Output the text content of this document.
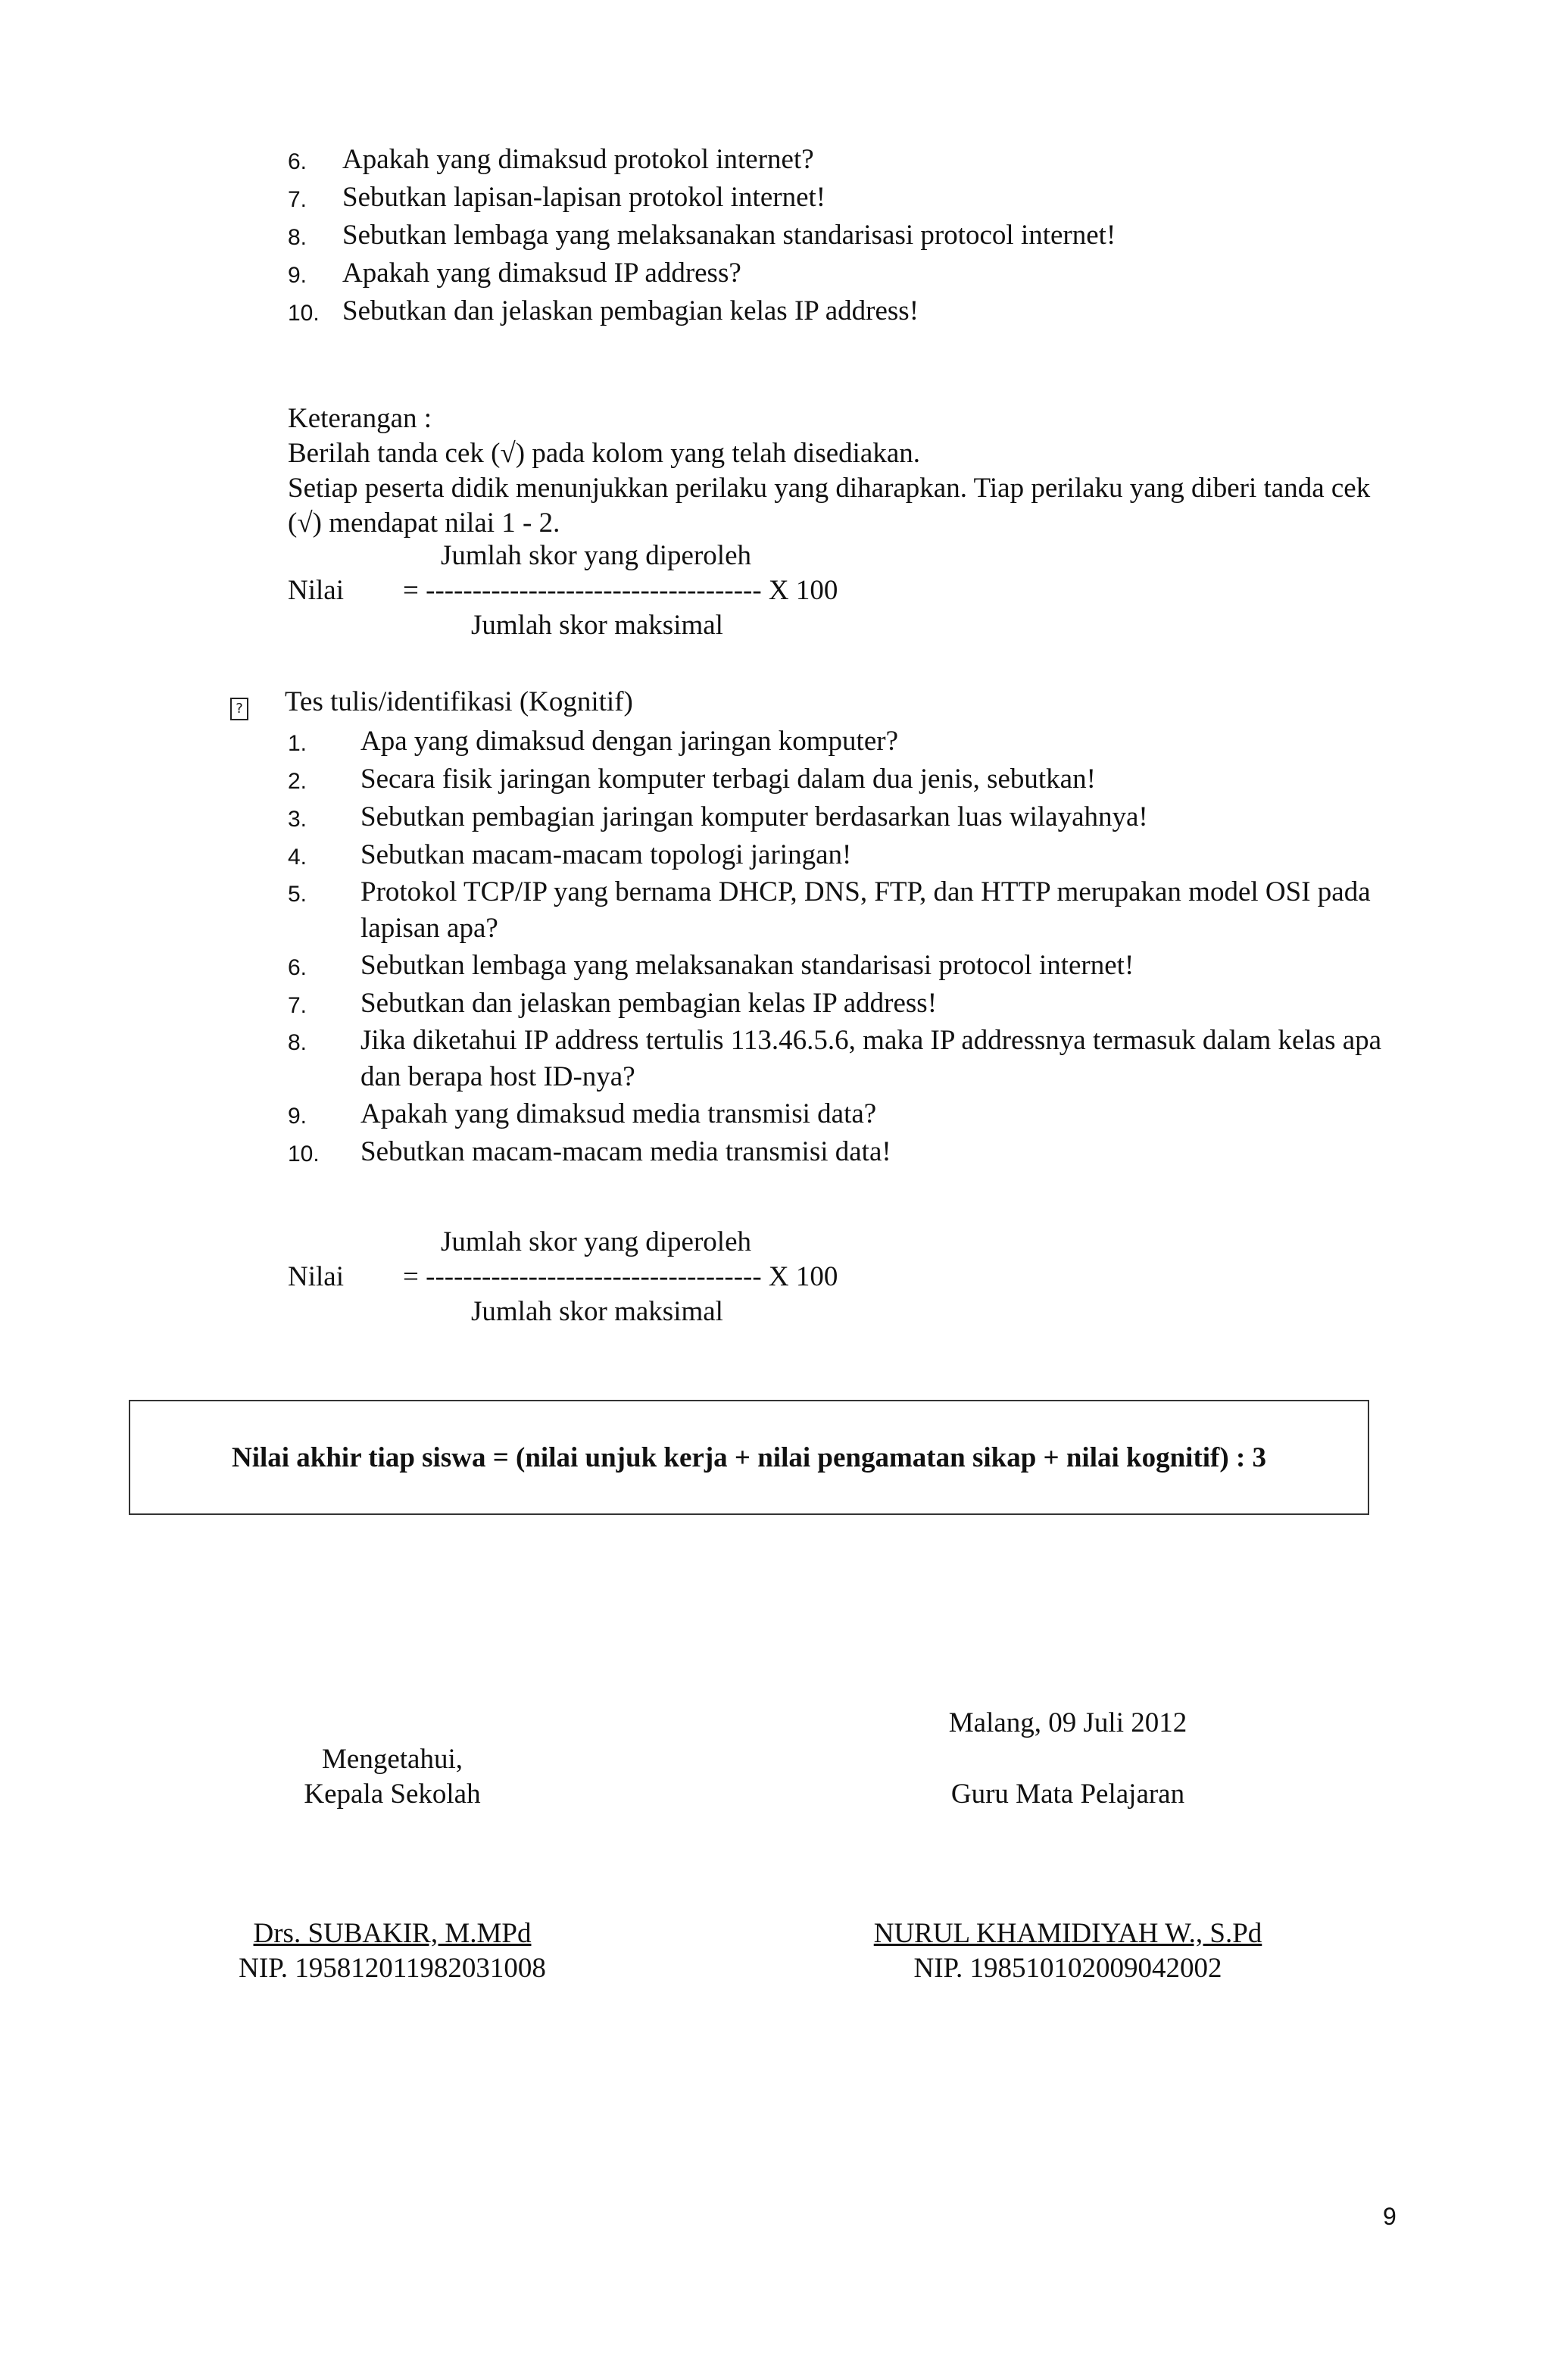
6. Apakah yang dimaksud protokol internet?
7. Sebutkan lapisan-lapisan protokol internet!
8. Sebutkan lembaga yang melaksanakan standarisasi protocol internet!
9. Apakah yang dimaksud IP address?
10. Sebutkan dan jelaskan pembagian kelas IP address!

Keterangan :

Berilah tanda cek (√) pada kolom yang telah disediakan.

Setiap peserta didik menunjukkan perilaku yang diharapkan. Tiap perilaku yang diberi tanda cek (√) mendapat nilai 1 - 2.

Jumlah skor yang diperoleh
Nilai = ------------------------------------ X 100
Jumlah skor maksimal
? Tes tulis/identifikasi (Kognitif)
1. Apa yang dimaksud dengan jaringan komputer?
2. Secara fisik jaringan komputer terbagi dalam dua jenis, sebutkan!
3. Sebutkan pembagian jaringan komputer berdasarkan luas wilayahnya!
4. Sebutkan macam-macam topologi jaringan!
5. Protokol TCP/IP yang bernama DHCP, DNS, FTP, dan HTTP merupakan model OSI pada lapisan apa?
6. Sebutkan lembaga yang melaksanakan standarisasi protocol internet!
7. Sebutkan dan jelaskan pembagian kelas IP address!
8. Jika diketahui IP address tertulis 113.46.5.6, maka IP addressnya termasuk dalam kelas apa dan berapa host ID-nya?
9. Apakah yang dimaksud media transmisi data?
10. Sebutkan macam-macam media transmisi data!
Jumlah skor yang diperoleh
Nilai = ------------------------------------ X 100
Jumlah skor maksimal
Nilai akhir tiap siswa = (nilai unjuk kerja + nilai pengamatan sikap + nilai kognitif) : 3
Mengetahui,
Kepala Sekolah
Malang, 09 Juli 2012
Guru Mata Pelajaran
Drs. SUBAKIR, M.MPd
NIP. 195812011982031008
NURUL KHAMIDIYAH W., S.Pd
NIP. 198510102009042002
9
